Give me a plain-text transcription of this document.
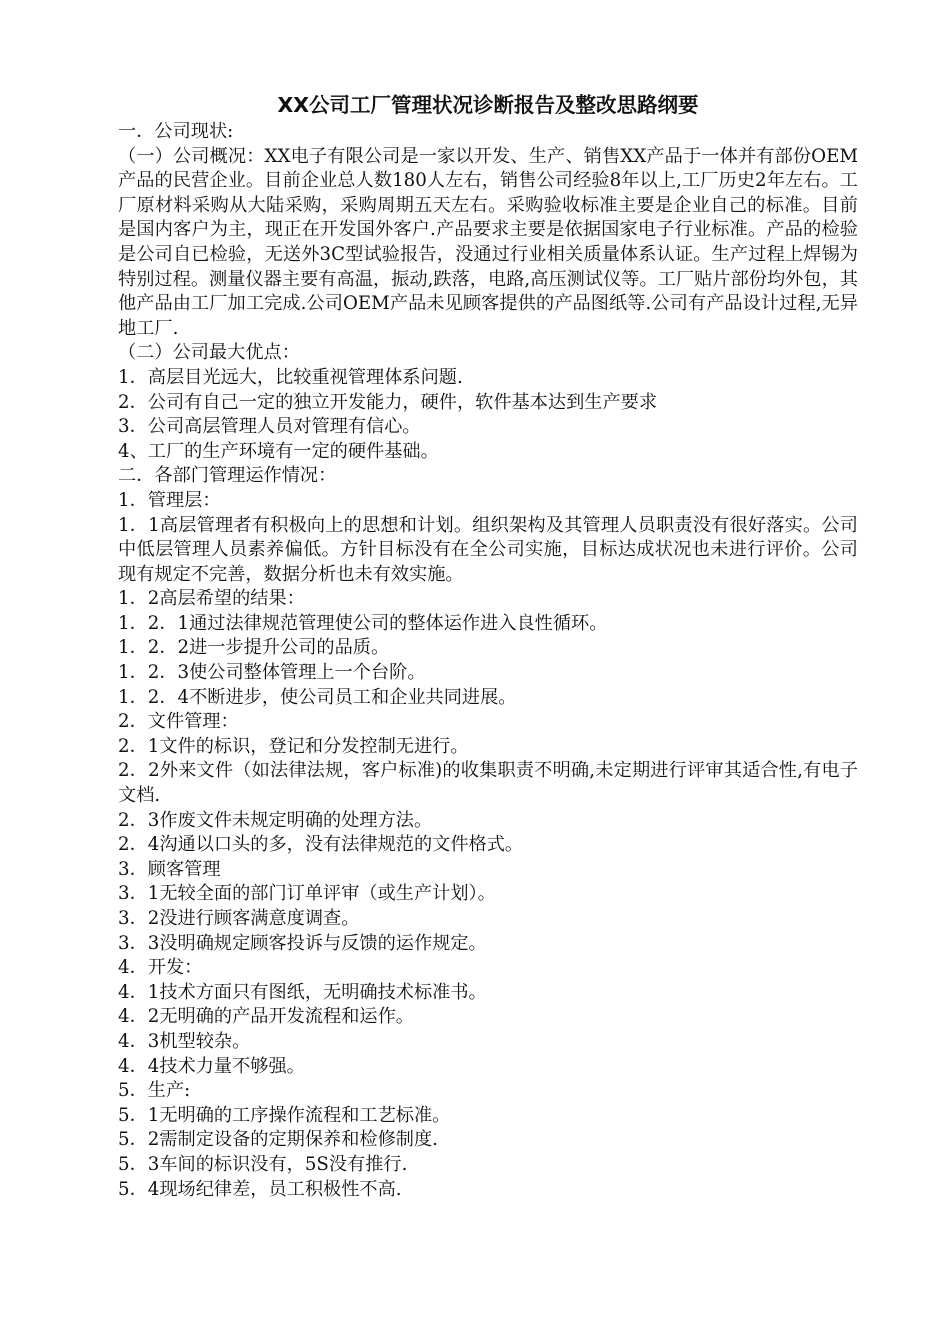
XX公司工厂管理状况诊断报告及整改思路纲要

一．公司现状:

（一）公司概况：XX电子有限公司是一家以开发、生产、销售XX产品于一体并有部份OEM产品的民营企业。目前企业总人数180人左右，销售公司经验8年以上,工厂历史2年左右。工厂原材料采购从大陆采购，采购周期五天左右。采购验收标准主要是企业自己的标准。目前是国内客户为主，现正在开发国外客户.产品要求主要是依据国家电子行业标准。产品的检验是公司自已检验，无送外3C型试验报告，没通过行业相关质量体系认证。生产过程上焊锡为特别过程。测量仪器主要有高温，振动,跌落，电路,高压测试仪等。工厂贴片部份均外包，其他产品由工厂加工完成.公司OEM产品未见顾客提供的产品图纸等.公司有产品设计过程,无异地工厂.

（二）公司最大优点：

1．高层目光远大，比较重视管理体系问题.

2．公司有自己一定的独立开发能力，硬件，软件基本达到生产要求

3．公司高层管理人员对管理有信心。

4、工厂的生产环境有一定的硬件基础。

二．各部门管理运作情况：

1．管理层：

1．1高层管理者有积极向上的思想和计划。组织架构及其管理人员职责没有很好落实。公司中低层管理人员素养偏低。方针目标没有在全公司实施，目标达成状况也未进行评价。公司现有规定不完善，数据分析也未有效实施。

1．2高层希望的结果：

1．2．1通过法律规范管理使公司的整体运作进入良性循环。

1．2．2进一步提升公司的品质。

1．2．3使公司整体管理上一个台阶。

1．2．4不断进步，使公司员工和企业共同进展。

2．文件管理：

2．1文件的标识，登记和分发控制无进行。

2．2外来文件（如法律法规，客户标准)的收集职责不明确,未定期进行评审其适合性,有电子文档.

2．3作废文件未规定明确的处理方法。

2．4沟通以口头的多，没有法律规范的文件格式。

3．顾客管理

3．1无较全面的部门订单评审（或生产计划）。

3．2没进行顾客满意度调查。

3．3没明确规定顾客投诉与反馈的运作规定。

4．开发：

4．1技术方面只有图纸，无明确技术标准书。

4．2无明确的产品开发流程和运作。

4．3机型较杂。

4．4技术力量不够强。

5．生产:

5．1无明确的工序操作流程和工艺标准。

5．2需制定设备的定期保养和检修制度.

5．3车间的标识没有，5S没有推行.

5．4现场纪律差，员工积极性不高.
